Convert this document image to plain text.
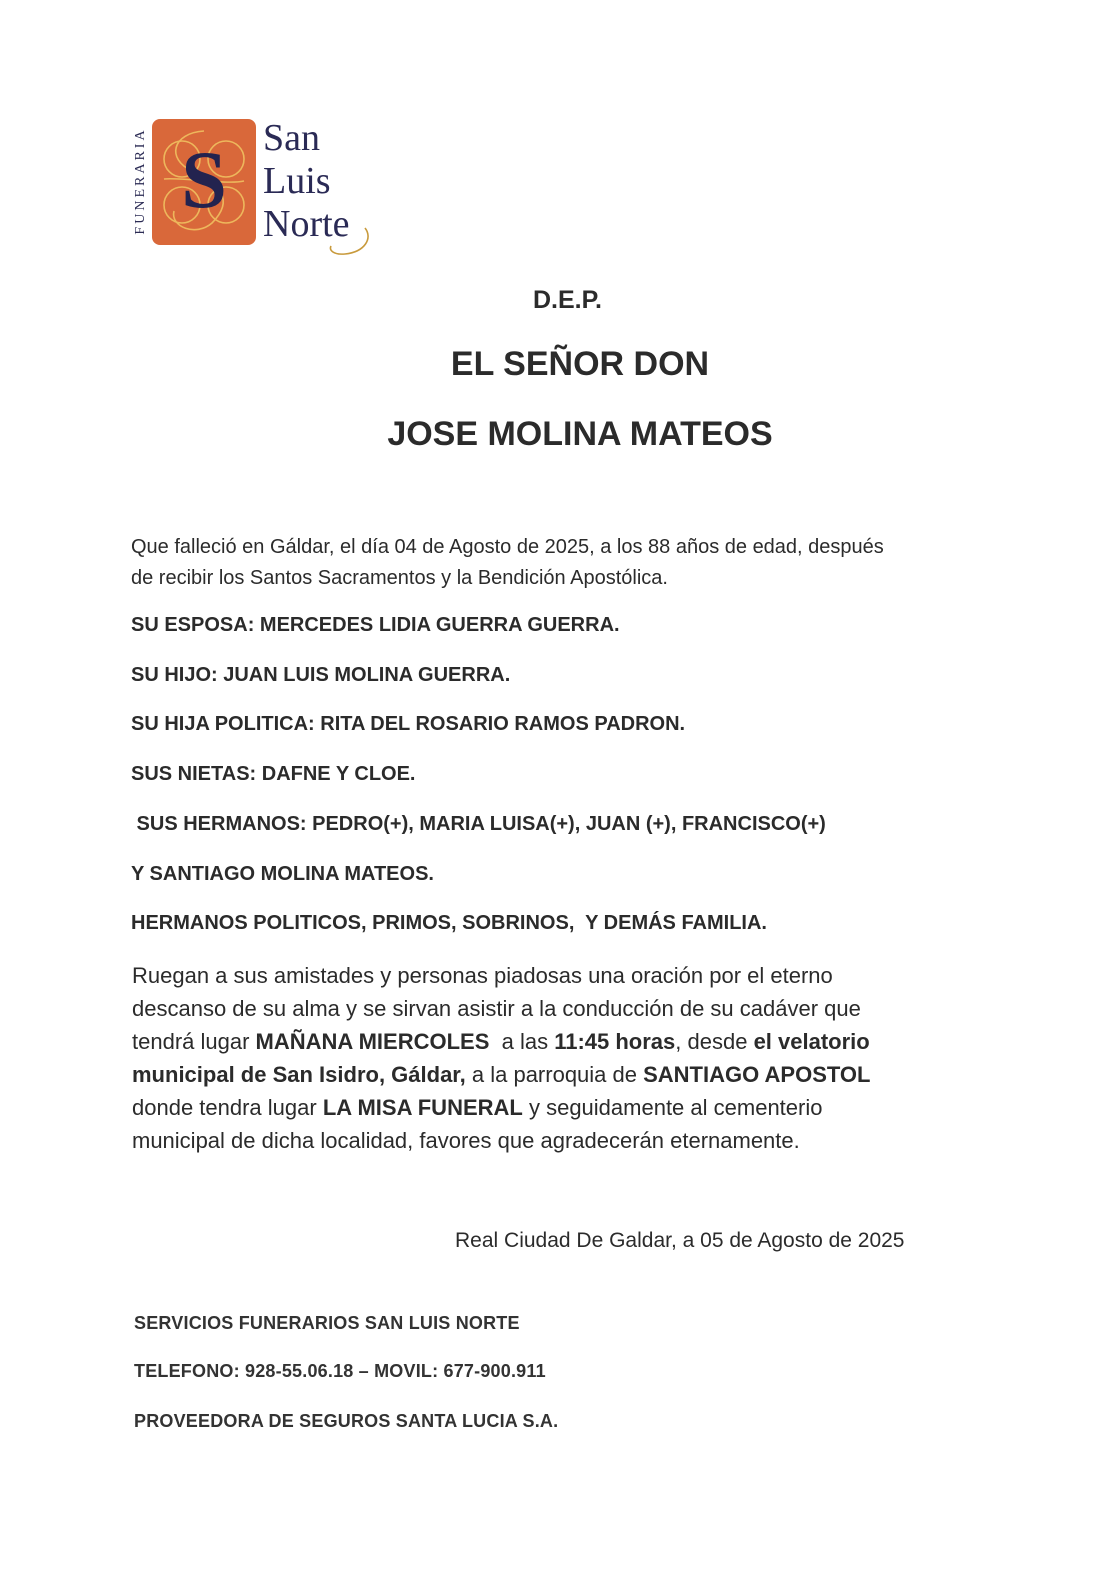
FUNERARIA S San
Luis
Norte
D.E.P.
EL SEÑOR DON
JOSE MOLINA MATEOS
Que falleció en Gáldar, el día 04 de Agosto de 2025, a los 88 años de edad, después
de recibir los Santos Sacramentos y la Bendición Apostólica.
SU ESPOSA: MERCEDES LIDIA GUERRA GUERRA.
SU HIJO: JUAN LUIS MOLINA GUERRA.
SU HIJA POLITICA: RITA DEL ROSARIO RAMOS PADRON.
SUS NIETAS: DAFNE Y CLOE.
SUS HERMANOS: PEDRO(+), MARIA LUISA(+), JUAN (+), FRANCISCO(+)
Y SANTIAGO MOLINA MATEOS.
HERMANOS POLITICOS, PRIMOS, SOBRINOS,  Y DEMÁS FAMILIA.
Ruegan a sus amistades y personas piadosas una oración por el eterno
descanso de su alma y se sirvan asistir a la conducción de su cadáver que
tendrá lugar MAÑANA MIERCOLES  a las 11:45 horas, desde el velatorio
municipal de San Isidro, Gáldar, a la parroquia de SANTIAGO APOSTOL
donde tendra lugar LA MISA FUNERAL y seguidamente al cementerio
municipal de dicha localidad, favores que agradecerán eternamente.
Real Ciudad De Galdar, a 05 de Agosto de 2025
SERVICIOS FUNERARIOS SAN LUIS NORTE
TELEFONO: 928-55.06.18 – MOVIL: 677-900.911
PROVEEDORA DE SEGUROS SANTA LUCIA S.A.
